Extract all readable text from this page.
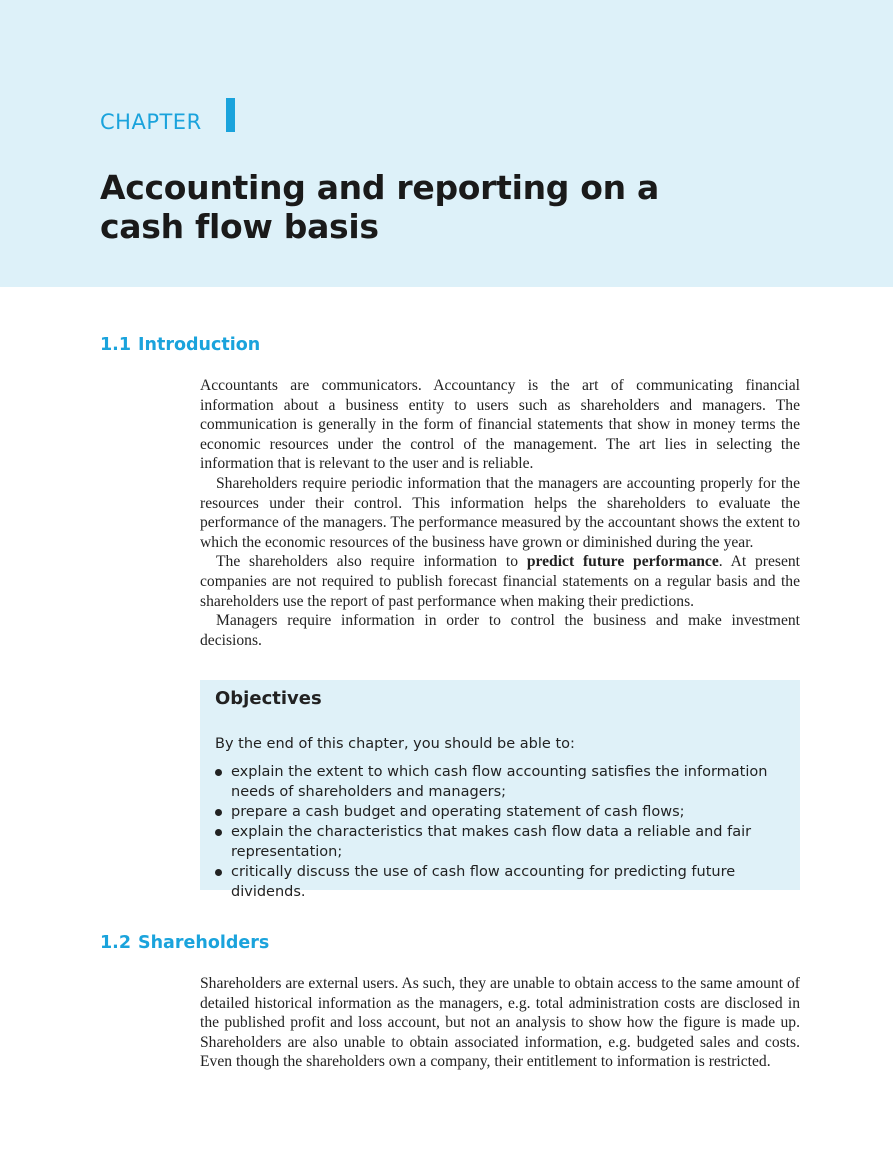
CHAPTER
Accounting and reporting on a
cash flow basis
1.1 Introduction

Accountants are communicators. Accountancy is the art of communicating financial information about a business entity to users such as shareholders and managers. The communication is generally in the form of financial statements that show in money terms the economic resources under the control of the management. The art lies in selecting the information that is relevant to the user and is reliable.

Shareholders require periodic information that the managers are accounting properly for the resources under their control. This information helps the shareholders to evaluate the performance of the managers. The performance measured by the accountant shows the extent to which the economic resources of the business have grown or diminished during the year.

The shareholders also require information to predict future performance. At present companies are not required to publish forecast financial statements on a regular basis and the shareholders use the report of past performance when making their predictions.

Managers require information in order to control the business and make investment decisions.

Objectives
By the end of this chapter, you should be able to:
explain the extent to which cash flow accounting satisfies the information needs of shareholders and managers;
prepare a cash budget and operating statement of cash flows;
explain the characteristics that makes cash flow data a reliable and fair representation;
critically discuss the use of cash flow accounting for predicting future dividends.
1.2 Shareholders

Shareholders are external users. As such, they are unable to obtain access to the same amount of detailed historical information as the managers, e.g. total administration costs are disclosed in the published profit and loss account, but not an analysis to show how the figure is made up. Shareholders are also unable to obtain associated information, e.g. budgeted sales and costs. Even though the shareholders own a company, their entitlement to information is restricted.
